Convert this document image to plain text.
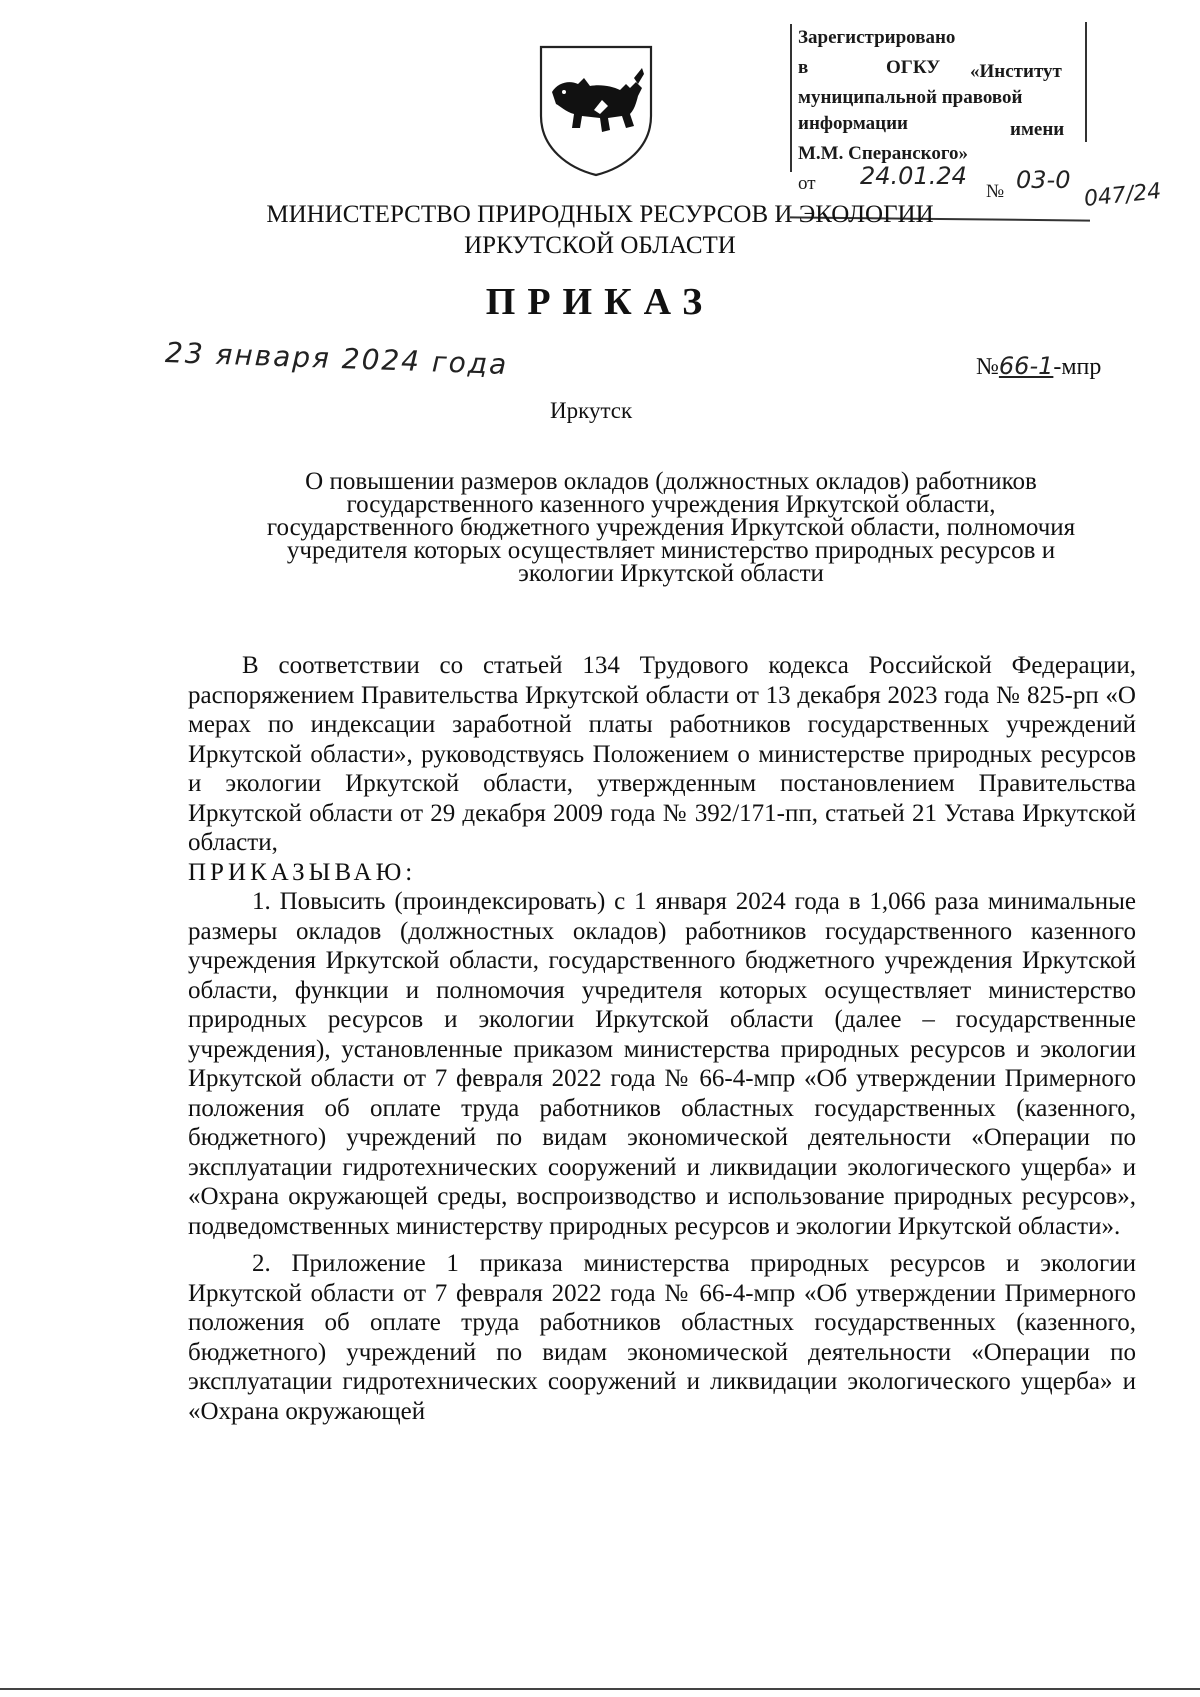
Зарегистрировано
в	ОГКУ «Институт
муниципальной правовой
информации	имени
М.М. Сперанского»
от 24.01.24
№ 03-0 047/24
МИНИСТЕРСТВО ПРИРОДНЫХ РЕСУРСОВ И ЭКОЛОГИИ
ИРКУТСКОЙ ОБЛАСТИ
ПРИКАЗ
23 января 2024 года	№66-1-мпр
Иркутск
О повышении размеров окладов (должностных окладов) работников
государственного казенного учреждения Иркутской области,
государственного бюджетного учреждения Иркутской области, полномочия
учредителя которых осуществляет министерство природных ресурсов и
экологии Иркутской области

В соответствии со статьей 134 Трудового кодекса Российской Федерации, распоряжением Правительства Иркутской области от 13 декабря 2023 года № 825-рп «О мерах по индексации заработной платы работников государственных учреждений Иркутской области», руководствуясь Положением о министерстве природных ресурсов и экологии Иркутской области, утвержденным постановлением Правительства Иркутской области от 29 декабря 2009 года № 392/171-пп, статьей 21 Устава Иркутской области,

ПРИКАЗЫВАЮ:

1. Повысить (проиндексировать) с 1 января 2024 года в 1,066 раза минимальные размеры окладов (должностных окладов) работников государственного казенного учреждения Иркутской области, государственного бюджетного учреждения Иркутской области, функции и полномочия учредителя которых осуществляет министерство природных ресурсов и экологии Иркутской области (далее – государственные учреждения), установленные приказом министерства природных ресурсов и экологии Иркутской области от 7 февраля 2022 года № 66-4-мпр «Об утверждении Примерного положения об оплате труда работников областных государственных (казенного, бюджетного) учреждений по видам экономической деятельности «Операции по эксплуатации гидротехнических сооружений и ликвидации экологического ущерба» и «Охрана окружающей среды, воспроизводство и использование природных ресурсов», подведомственных министерству природных ресурсов и экологии Иркутской области».

2. Приложение 1 приказа министерства природных ресурсов и экологии Иркутской области от 7 февраля 2022 года № 66-4-мпр «Об утверждении Примерного положения об оплате труда работников областных государственных (казенного, бюджетного) учреждений по видам экономической деятельности «Операции по эксплуатации гидротехнических сооружений и ликвидации экологического ущерба» и «Охрана окружающей
